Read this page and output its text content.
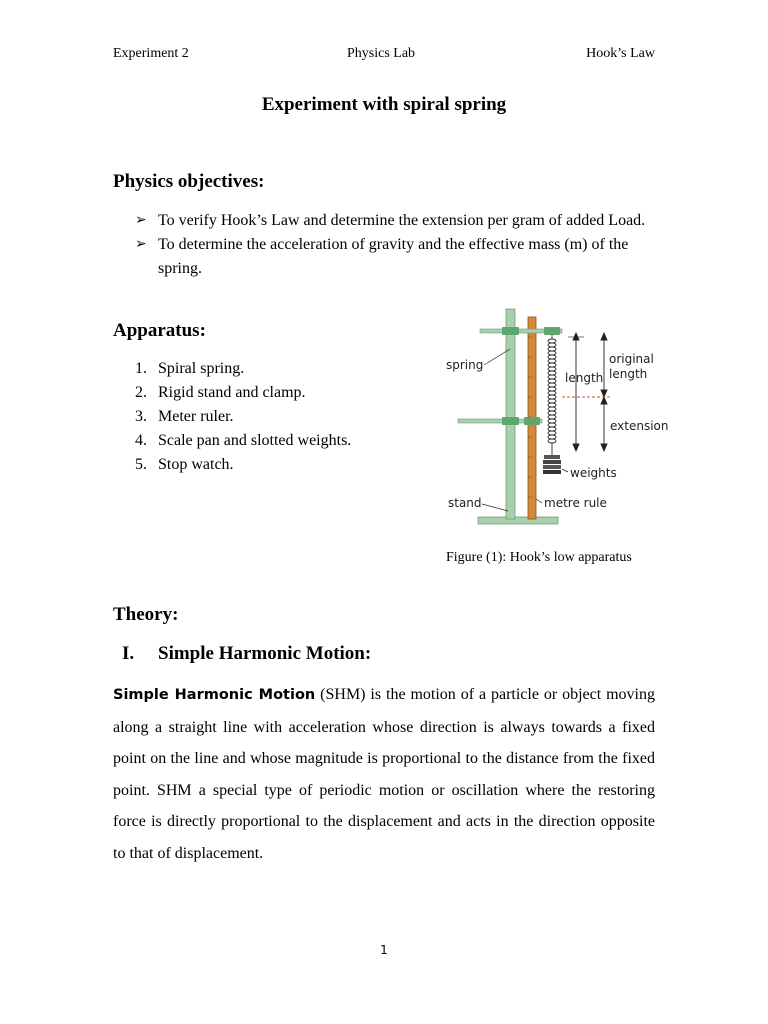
Experiment 2	Physics Lab	Hook’s Law
Experiment with spiral spring
Physics objectives:
➢ To verify Hook’s Law and determine the extension per gram of added Load.
➢ To determine the acceleration of gravity and the effective mass (m) of the spring.
Apparatus:
1. Spiral spring.
2. Rigid stand and clamp.
3. Meter ruler.
4. Scale pan and slotted weights.
5. Stop watch.
spring
length
original
length
extension
weights
stand	metre rule
Figure (1): Hook’s low apparatus
Theory:
I. Simple Harmonic Motion:
Simple Harmonic Motion (SHM) is the motion of a particle or object moving along a straight line with acceleration whose direction is always towards a fixed point on the line and whose magnitude is proportional to the distance from the fixed point. SHM a special type of periodic motion or oscillation where the restoring force is directly proportional to the displacement and acts in the direction opposite to that of displacement.
1
